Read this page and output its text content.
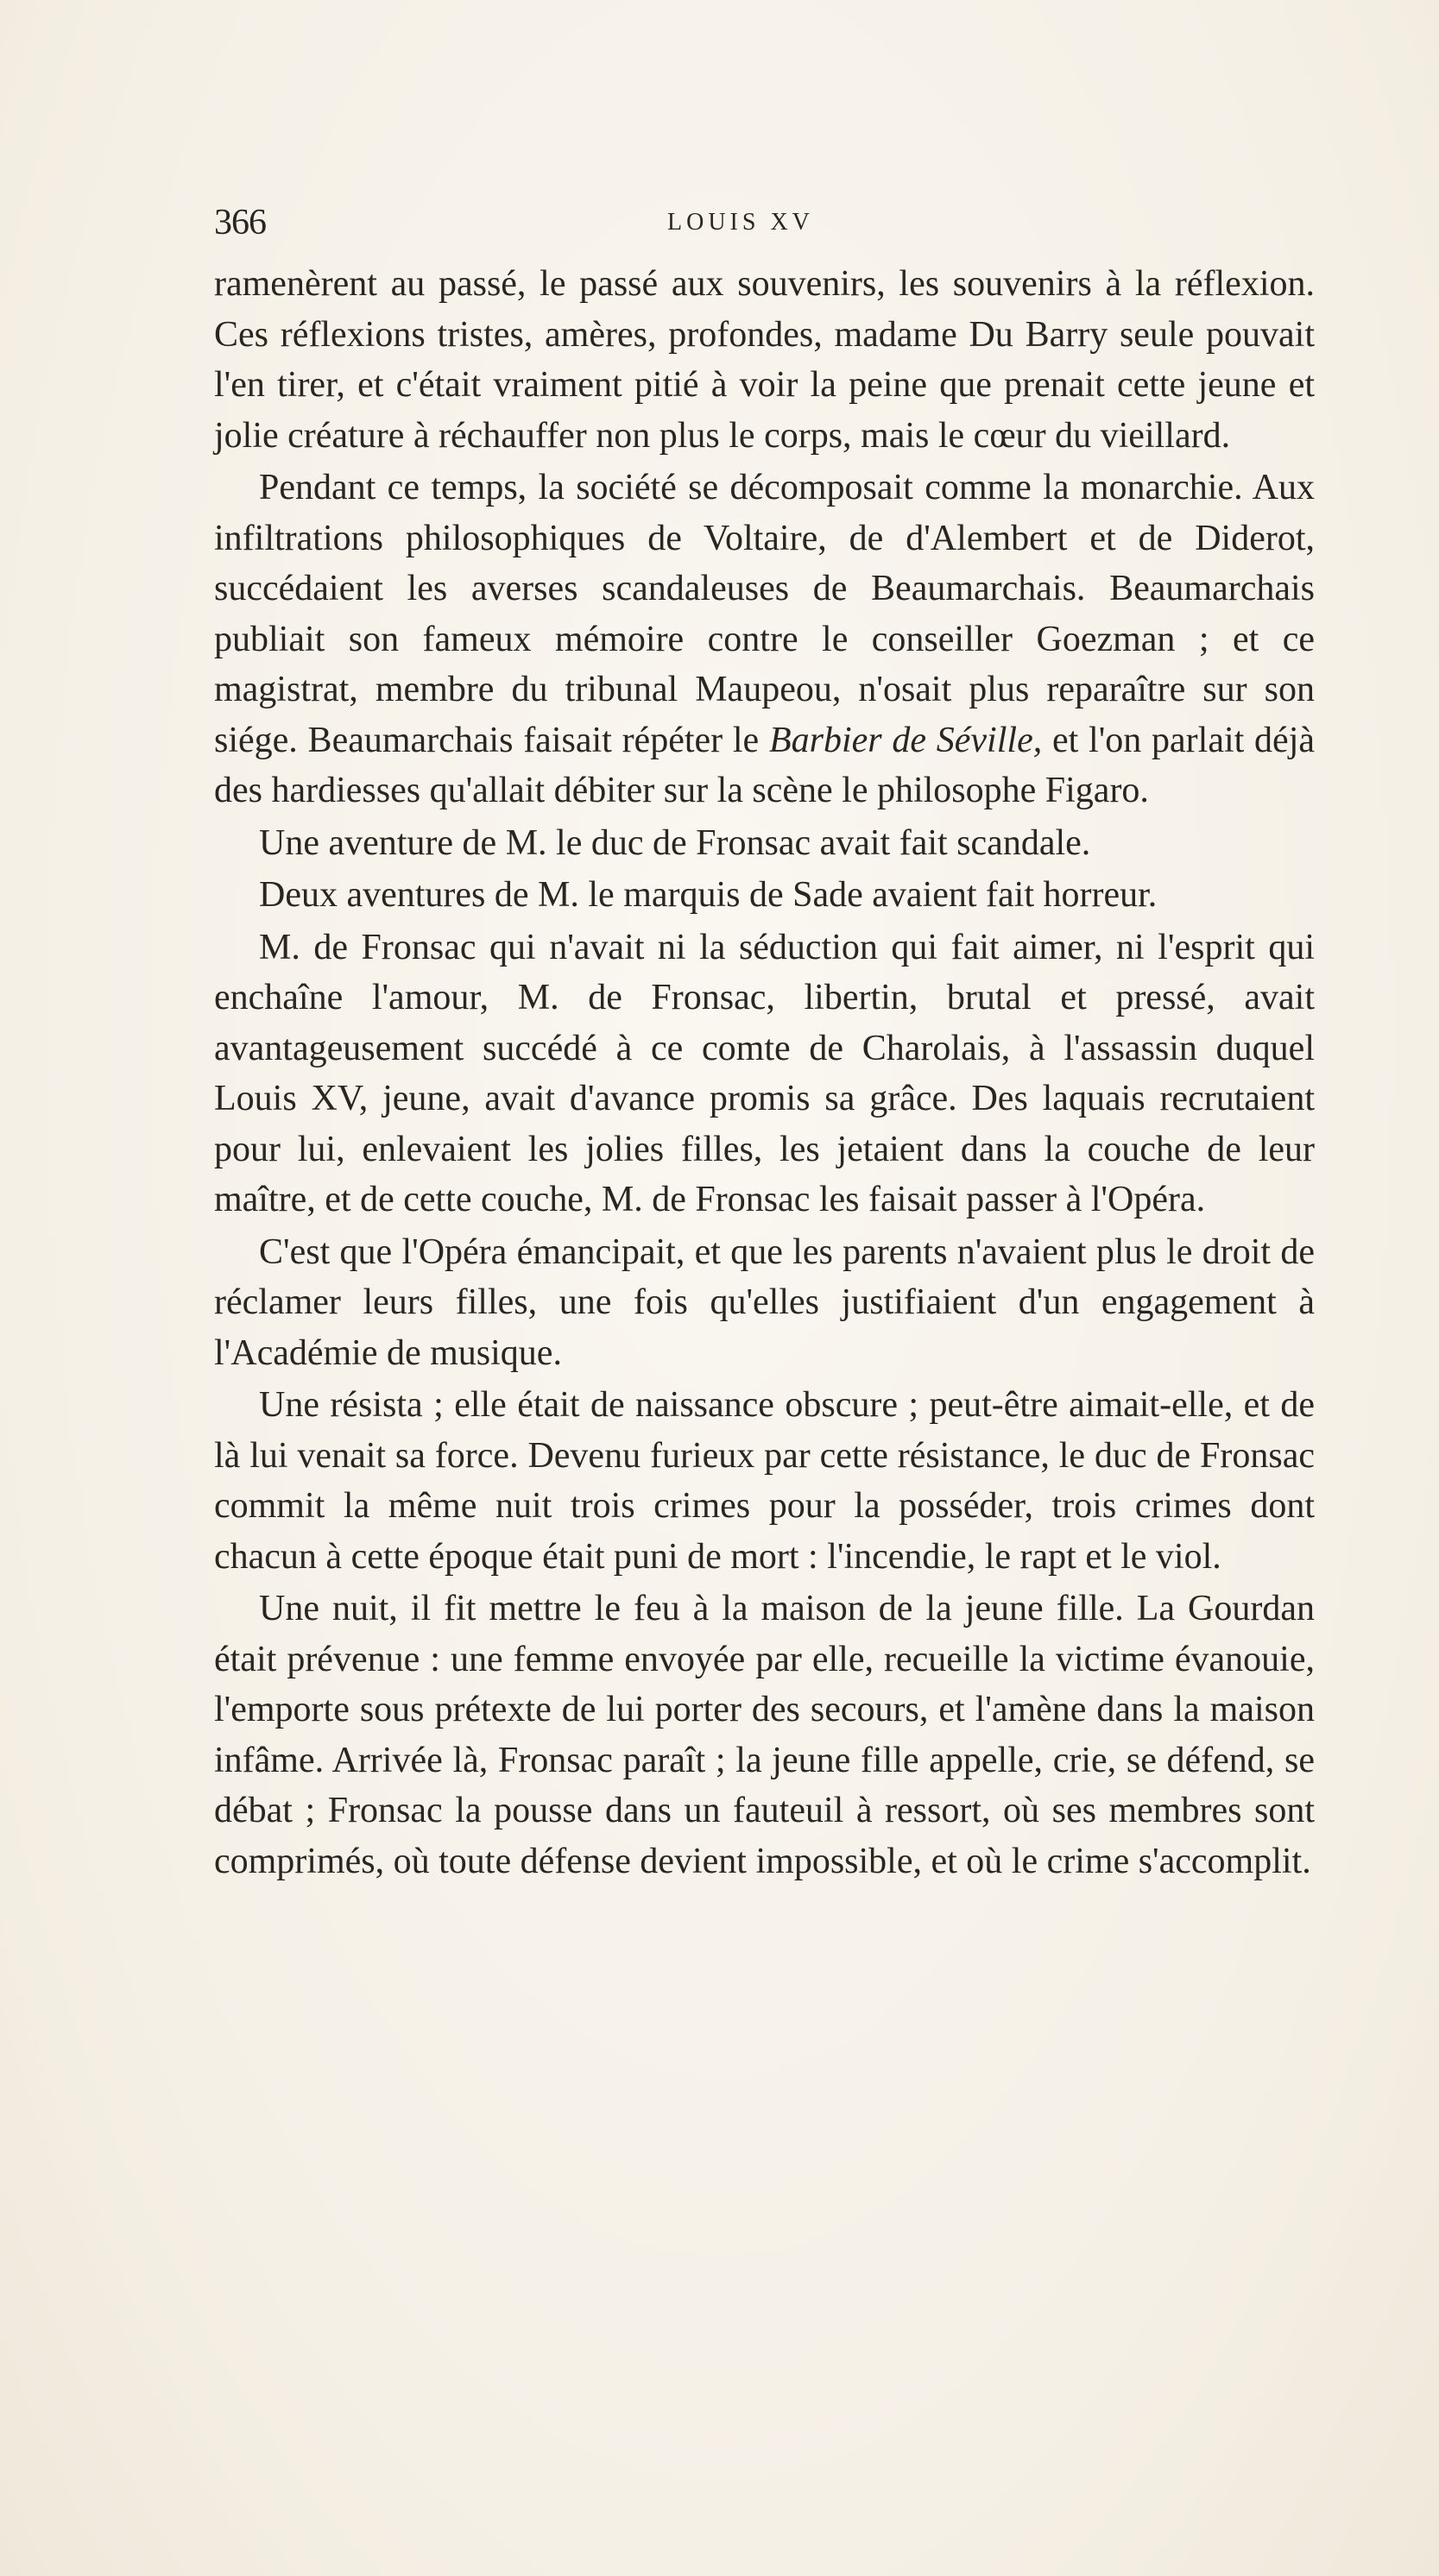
366	LOUIS XV

ramenèrent au passé, le passé aux souvenirs, les souvenirs à la réflexion. Ces réflexions tristes, amères, profondes, madame Du Barry seule pouvait l'en tirer, et c'était vraiment pitié à voir la peine que prenait cette jeune et jolie créature à réchauffer non plus le corps, mais le cœur du vieillard.

Pendant ce temps, la société se décomposait comme la monarchie. Aux infiltrations philosophiques de Voltaire, de d'Alembert et de Diderot, succédaient les averses scandaleuses de Beaumarchais. Beaumarchais publiait son fameux mémoire contre le conseiller Goezman ; et ce magistrat, membre du tribunal Maupeou, n'osait plus reparaître sur son siége. Beaumarchais faisait répéter le Barbier de Séville, et l'on parlait déjà des hardiesses qu'allait débiter sur la scène le philosophe Figaro.

Une aventure de M. le duc de Fronsac avait fait scandale.

Deux aventures de M. le marquis de Sade avaient fait horreur.

M. de Fronsac qui n'avait ni la séduction qui fait aimer, ni l'esprit qui enchaîne l'amour, M. de Fronsac, libertin, brutal et pressé, avait avantageusement succédé à ce comte de Charolais, à l'assassin duquel Louis XV, jeune, avait d'avance promis sa grâce. Des laquais recrutaient pour lui, enlevaient les jolies filles, les jetaient dans la couche de leur maître, et de cette couche, M. de Fronsac les faisait passer à l'Opéra.

C'est que l'Opéra émancipait, et que les parents n'avaient plus le droit de réclamer leurs filles, une fois qu'elles justifiaient d'un engagement à l'Académie de musique.

Une résista ; elle était de naissance obscure ; peut-être aimait-elle, et de là lui venait sa force. Devenu furieux par cette résistance, le duc de Fronsac commit la même nuit trois crimes pour la posséder, trois crimes dont chacun à cette époque était puni de mort : l'incendie, le rapt et le viol.

Une nuit, il fit mettre le feu à la maison de la jeune fille. La Gourdan était prévenue : une femme envoyée par elle, recueille la victime évanouie, l'emporte sous prétexte de lui porter des secours, et l'amène dans la maison infâme. Arrivée là, Fronsac paraît ; la jeune fille appelle, crie, se défend, se débat ; Fronsac la pousse dans un fauteuil à ressort, où ses membres sont comprimés, où toute défense devient impossible, et où le crime s'accomplit.
